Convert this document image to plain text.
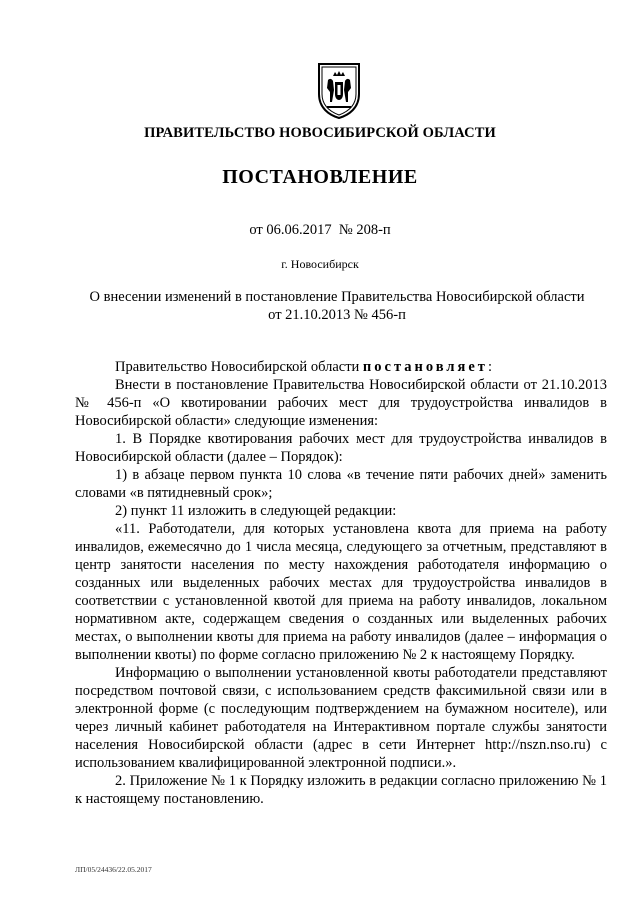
ПРАВИТЕЛЬСТВО НОВОСИБИРСКОЙ ОБЛАСТИ
ПОСТАНОВЛЕНИЕ
от 06.06.2017 № 208-п
г. Новосибирск
О внесении изменений в постановление Правительства Новосибирской области
от 21.10.2013 № 456-п

Правительство Новосибирской области постановляет:

Внести в постановление Правительства Новосибирской области от 21.10.2013 № 456-п «О квотировании рабочих мест для трудоустройства инвалидов в Новосибирской области» следующие изменения:

1. В Порядке квотирования рабочих мест для трудоустройства инвалидов в Новосибирской области (далее – Порядок):

1) в абзаце первом пункта 10 слова «в течение пяти рабочих дней» заменить словами «в пятидневный срок»;

2) пункт 11 изложить в следующей редакции:

«11. Работодатели, для которых установлена квота для приема на работу инвалидов, ежемесячно до 1 числа месяца, следующего за отчетным, представляют в центр занятости населения по месту нахождения работодателя информацию о созданных или выделенных рабочих местах для трудоустройства инвалидов в соответствии с установленной квотой для приема на работу инвалидов, локальном нормативном акте, содержащем сведения о созданных или выделенных рабочих местах, о выполнении квоты для приема на работу инвалидов (далее – информация о выполнении квоты) по форме согласно приложению № 2 к настоящему Порядку.

Информацию о выполнении установленной квоты работодатели представляют посредством почтовой связи, с использованием средств факсимильной связи или в электронной форме (с последующим подтверждением на бумажном носителе), или через личный кабинет работодателя на Интерактивном портале службы занятости населения Новосибирской области (адрес в сети Интернет http://nszn.nso.ru) с использованием квалифицированной электронной подписи.».

2. Приложение № 1 к Порядку изложить в редакции согласно приложению № 1 к настоящему постановлению.

ЛП/05/24436/22.05.2017
